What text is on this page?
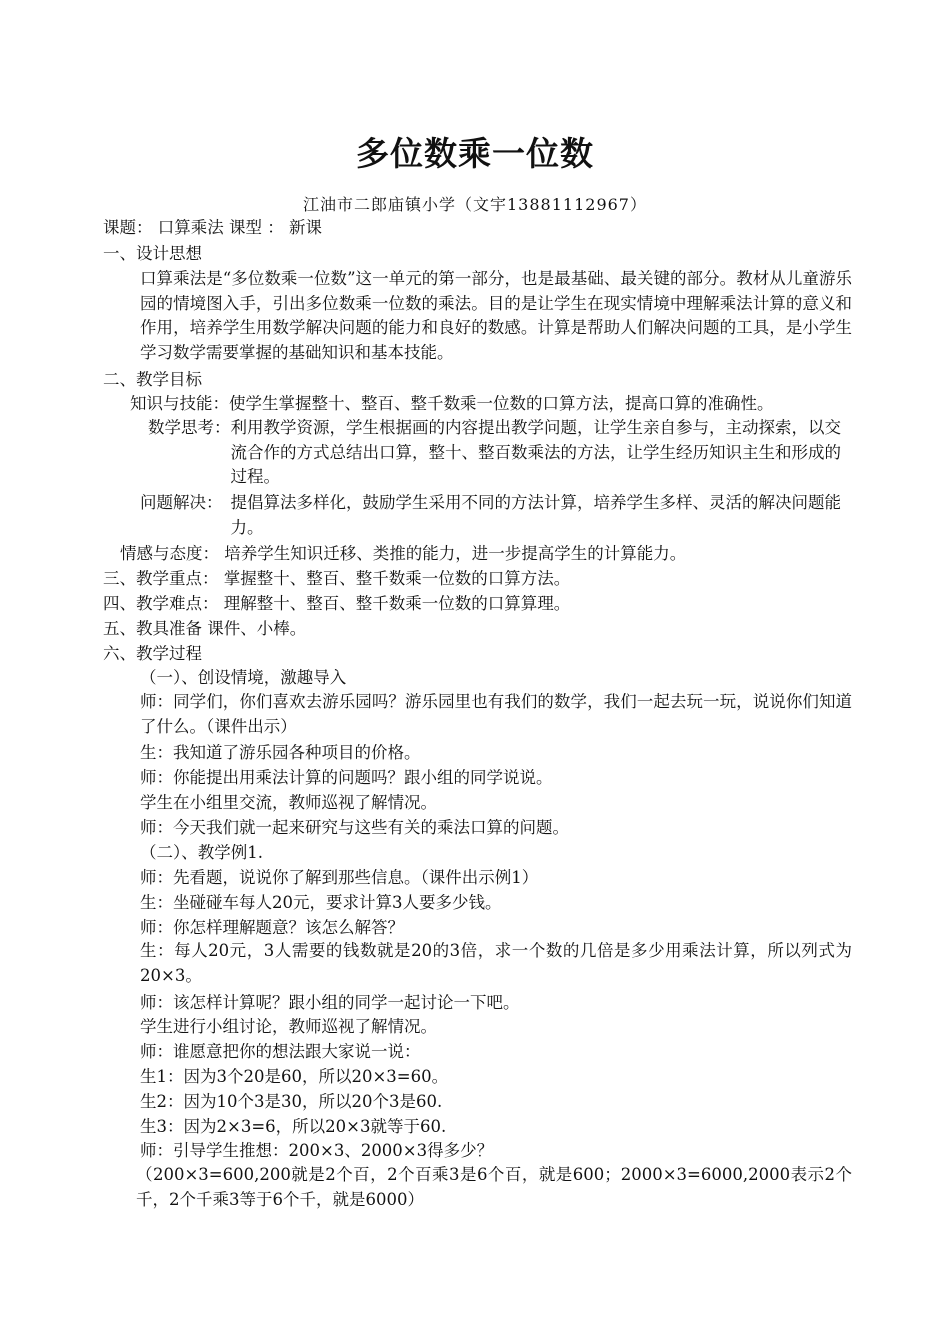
多位数乘一位数
江油市二郎庙镇小学（文宇13881112967）
课题： 口算乘法 课型 ： 新课
一、设计思想
口算乘法是“多位数乘一位数”这一单元的第一部分，也是最基础、最关键的部分。教材从儿童游乐园的情境图入手，引出多位数乘一位数的乘法。目的是让学生在现实情境中理解乘法计算的意义和作用，培养学生用数学解决问题的能力和良好的数感。计算是帮助人们解决问题的工具，是小学生学习数学需要掌握的基础知识和基本技能。
二、教学目标
知识与技能：使学生掌握整十、整百、整千数乘一位数的口算方法，提高口算的准确性。
数学思考： 利用教学资源，学生根据画的内容提出教学问题，让学生亲自参与，主动探索，以交流合作的方式总结出口算，整十、整百数乘法的方法，让学生经历知识主生和形成的过程。
问题解决： 提倡算法多样化，鼓励学生采用不同的方法计算，培养学生多样、灵活的解决问题能力。
情感与态度： 培养学生知识迁移、类推的能力，进一步提高学生的计算能力。
三、教学重点： 掌握整十、整百、整千数乘一位数的口算方法。
四、教学难点： 理解整十、整百、整千数乘一位数的口算算理。
五、教具准备 课件、小棒。
六、教学过程
（一）、创设情境，激趣导入
师：同学们，你们喜欢去游乐园吗？游乐园里也有我们的数学，我们一起去玩一玩，说说你们知道了什么。（课件出示）
生：我知道了游乐园各种项目的价格。
师：你能提出用乘法计算的问题吗？跟小组的同学说说。
学生在小组里交流，教师巡视了解情况。
师：今天我们就一起来研究与这些有关的乘法口算的问题。
（二）、教学例1.
师：先看题，说说你了解到那些信息。（课件出示例1）
生：坐碰碰车每人20元，要求计算3人要多少钱。
师：你怎样理解题意？该怎么解答？
生：每人20元，3人需要的钱数就是20的3倍，求一个数的几倍是多少用乘法计算，所以列式为20×3。
师：该怎样计算呢？跟小组的同学一起讨论一下吧。
学生进行小组讨论，教师巡视了解情况。
师：谁愿意把你的想法跟大家说一说：
生1：因为3个20是60，所以20×3=60。
生2：因为10个3是30，所以20个3是60.
生3：因为2×3=6，所以20×3就等于60.
师：引导学生推想：200×3、2000×3得多少？
（200×3=600,200就是2个百，2个百乘3是6个百，就是600；2000×3=6000,2000表示2个千，2个千乘3等于6个千，就是6000）
